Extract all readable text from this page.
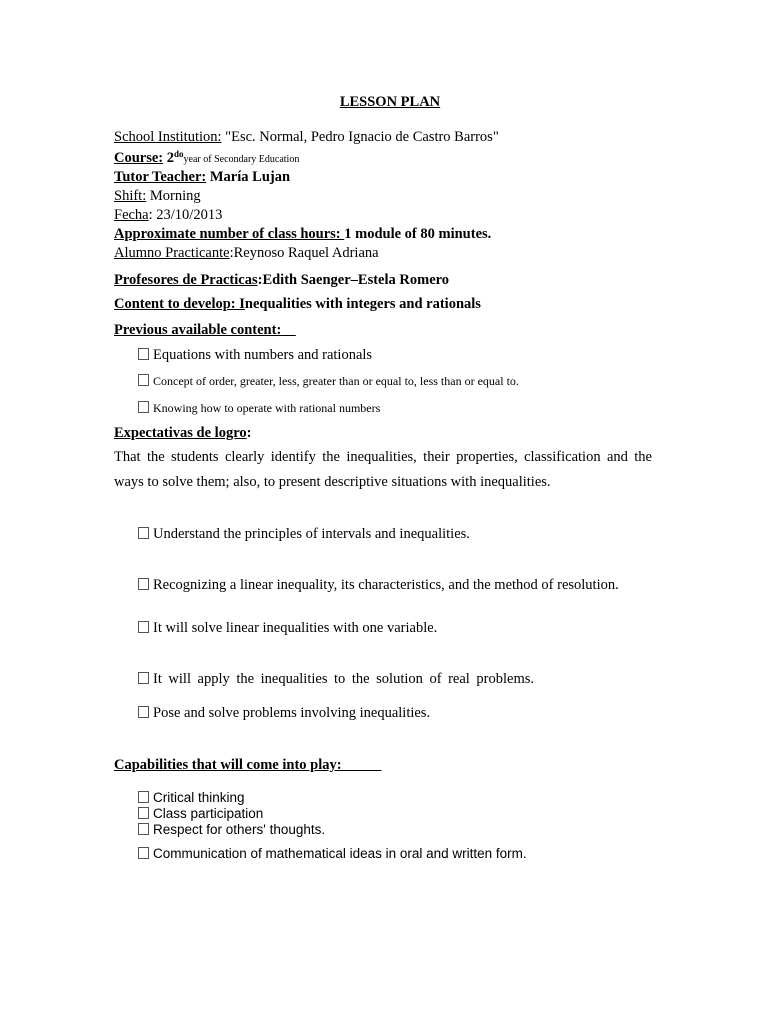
LESSON PLAN
School Institution: "Esc. Normal, Pedro Ignacio de Castro Barros"
Course: $2^{do}year$ of Secondary Education
Tutor Teacher: María Lujan
Shift: Morning
Fecha: 23/10/2013
Approximate number of class hours: 1 module of 80 minutes.
Alumno Practicante:Reynoso Raquel Adriana
Profesores de Practicas:Edith Saenger–Estela Romero
Content to develop: Inequalities with integers and rationals
Previous available content:
Equations with numbers and rationals
Concept of order, greater, less, greater than or equal to, less than or equal to.
Knowing how to operate with rational numbers
Expectativas de logro:
That the students clearly identify the inequalities, their properties, classification and the ways to solve them; also, to present descriptive situations with inequalities.
Understand the principles of intervals and inequalities.
Recognizing a linear inequality, its characteristics, and the method of resolution.
It will solve linear inequalities with one variable.
It will apply the inequalities to the solution of real problems.
Pose and solve problems involving inequalities.
Capabilities that will come into play:
Critical thinking
Class participation
Respect for others' thoughts.
Communication of mathematical ideas in oral and written form.
